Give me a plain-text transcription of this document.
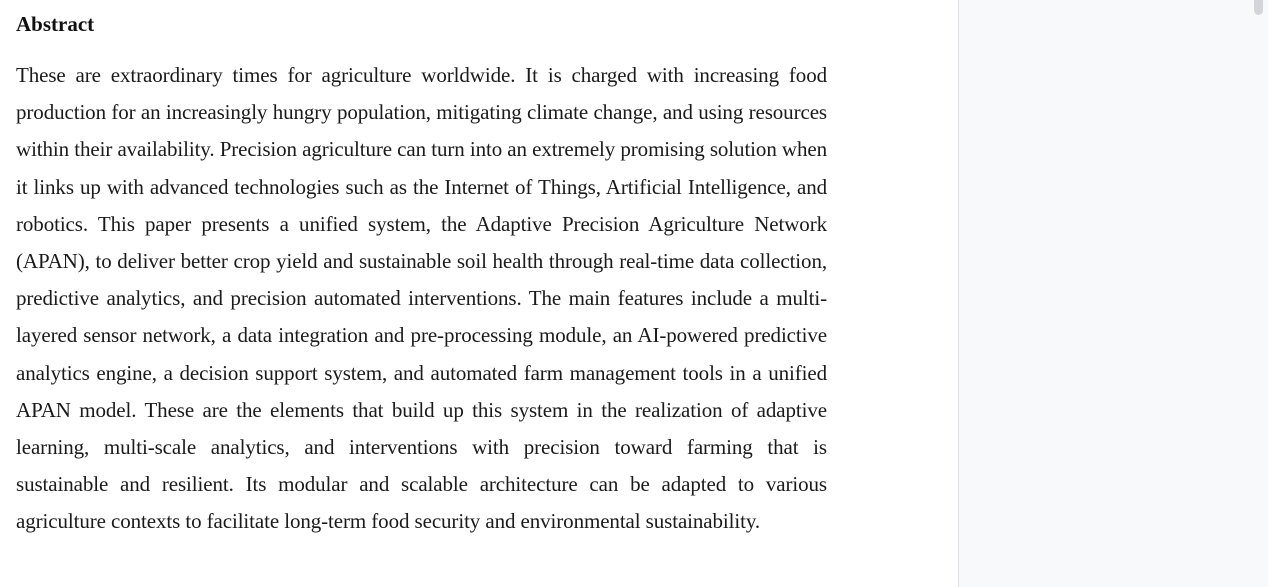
Abstract

These are extraordinary times for agriculture worldwide. It is charged with increasing food production for an increasingly hungry population, mitigating climate change, and using resources within their availability. Precision agriculture can turn into an extremely promising solution when it links up with advanced technologies such as the Internet of Things, Artificial Intelligence, and robotics. This paper presents a unified system, the Adaptive Precision Agriculture Network (APAN), to deliver better crop yield and sustainable soil health through real-time data collection, predictive analytics, and precision automated interventions. The main features include a multi-layered sensor network, a data integration and pre-processing module, an AI-powered predictive analytics engine, a decision support system, and automated farm management tools in a unified APAN model. These are the elements that build up this system in the realization of adaptive learning, multi-scale analytics, and interventions with precision toward farming that is sustainable and resilient. Its modular and scalable architecture can be adapted to various agriculture contexts to facilitate long-term food security and environmental sustainability.
